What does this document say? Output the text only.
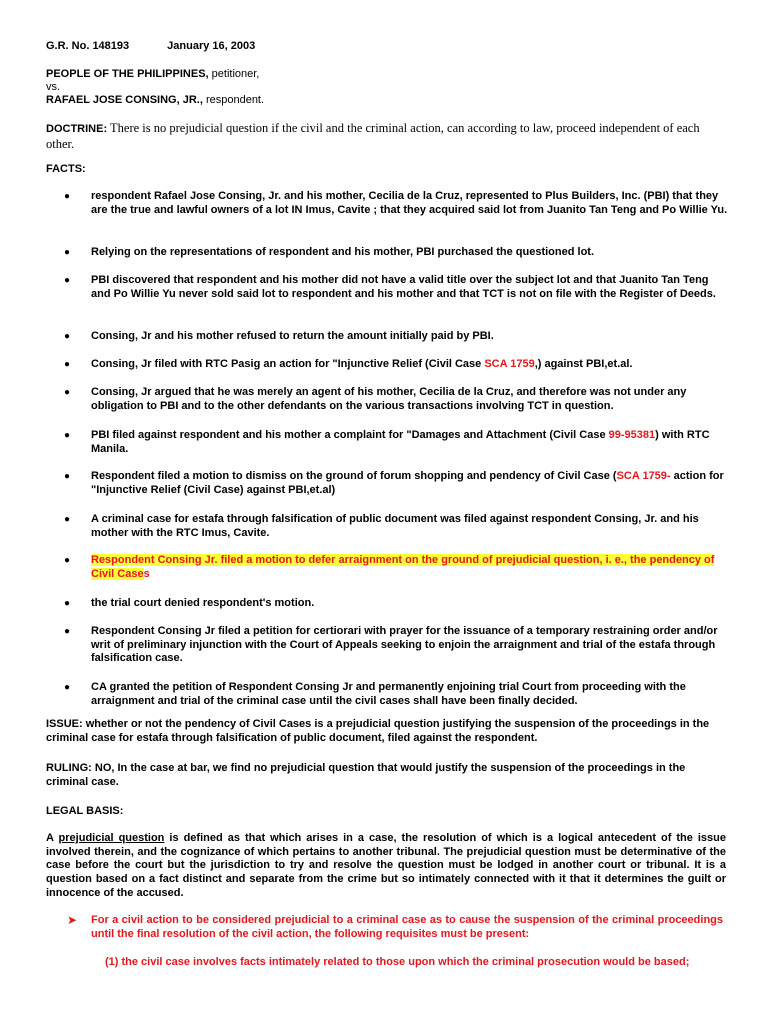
G.R. No. 148193	January 16, 2003
PEOPLE OF THE PHILIPPINES, petitioner,
vs.
RAFAEL JOSE CONSING, JR., respondent.
DOCTRINE: There is no prejudicial question if the civil and the criminal action, can according to law, proceed independent of each other.
FACTS:
● respondent Rafael Jose Consing, Jr. and his mother, Cecilia de la Cruz, represented to Plus Builders, Inc. (PBI) that they are the true and lawful owners of a lot IN Imus, Cavite ; that they acquired said lot from Juanito Tan Teng and Po Willie Yu.
● Relying on the representations of respondent and his mother, PBI purchased the questioned lot.
● PBI discovered that respondent and his mother did not have a valid title over the subject lot and that Juanito Tan Teng and Po Willie Yu never sold said lot to respondent and his mother and that TCT is not on file with the Register of Deeds.
● Consing, Jr and his mother refused to return the amount initially paid by PBI.
● Consing, Jr filed with RTC Pasig an action for "Injunctive Relief (Civil Case SCA 1759,) against PBI,et.al.
● Consing, Jr argued that he was merely an agent of his mother, Cecilia de la Cruz, and therefore was not under any obligation to PBI and to the other defendants on the various transactions involving TCT in question.
● PBI filed against respondent and his mother a complaint for "Damages and Attachment (Civil Case 99-95381) with RTC Manila.
● Respondent filed a motion to dismiss on the ground of forum shopping and pendency of Civil Case (SCA 1759- action for "Injunctive Relief (Civil Case) against PBI,et.al)
● A criminal case for estafa through falsification of public document was filed against respondent Consing, Jr. and his mother with the RTC Imus, Cavite.
● Respondent Consing Jr. filed a motion to defer arraignment on the ground of prejudicial question, i. e., the pendency of Civil Cases
● the trial court denied respondent's motion.
● Respondent Consing Jr filed a petition for certiorari with prayer for the issuance of a temporary restraining order and/or writ of preliminary injunction with the Court of Appeals seeking to enjoin the arraignment and trial of the estafa through falsification case.
● CA granted the petition of Respondent Consing Jr and permanently enjoining trial Court from proceeding with the arraignment and trial of the criminal case until the civil cases shall have been finally decided.
ISSUE: whether or not the pendency of Civil Cases is a prejudicial question justifying the suspension of the proceedings in the criminal case for estafa through falsification of public document, filed against the respondent.
RULING: NO, In the case at bar, we find no prejudicial question that would justify the suspension of the proceedings in the criminal case.
LEGAL BASIS:
A prejudicial question is defined as that which arises in a case, the resolution of which is a logical antecedent of the issue involved therein, and the cognizance of which pertains to another tribunal. The prejudicial question must be determinative of the case before the court but the jurisdiction to try and resolve the question must be lodged in another court or tribunal. It is a question based on a fact distinct and separate from the crime but so intimately connected with it that it determines the guilt or innocence of the accused.
➤ For a civil action to be considered prejudicial to a criminal case as to cause the suspension of the criminal proceedings until the final resolution of the civil action, the following requisites must be present:
(1) the civil case involves facts intimately related to those upon which the criminal prosecution would be based;
